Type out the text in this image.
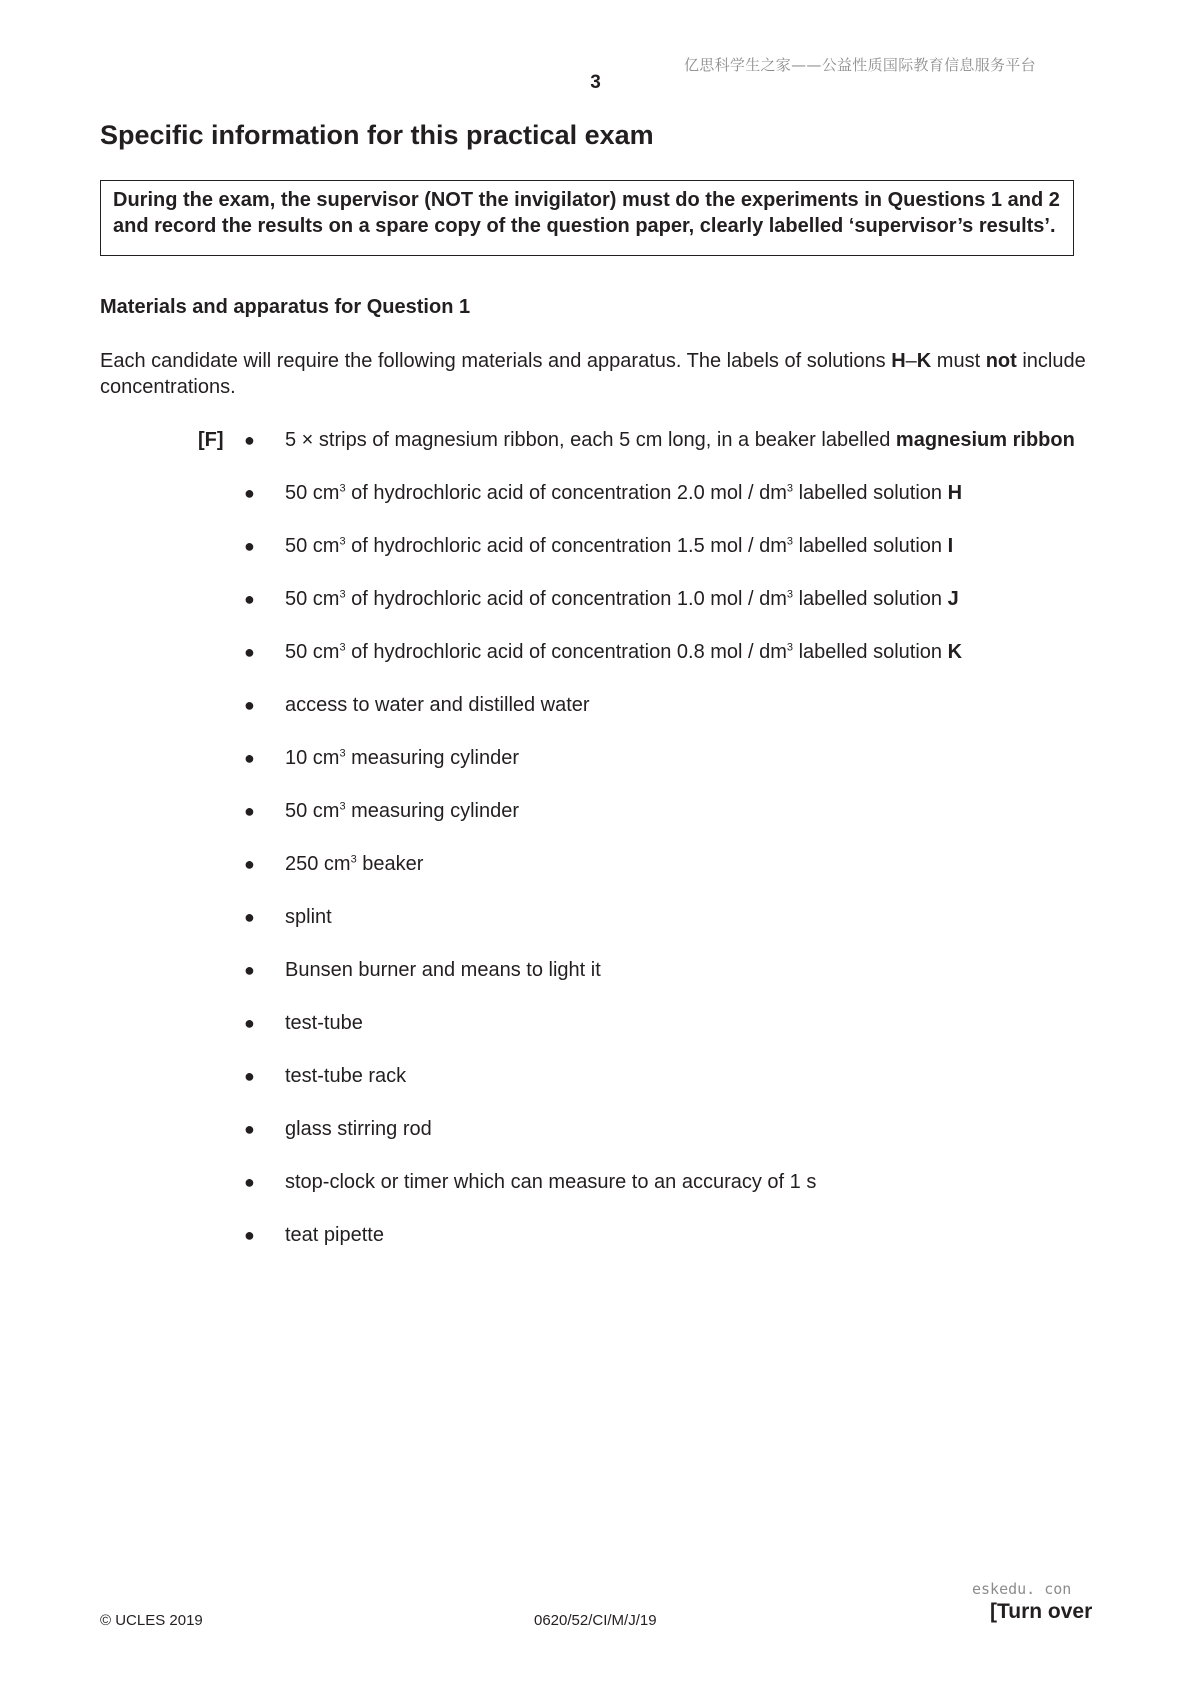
亿思科学生之家——公益性质国际教育信息服务平台
3
Specific information for this practical exam
During the exam, the supervisor (NOT the invigilator) must do the experiments in Questions 1 and 2 and record the results on a spare copy of the question paper, clearly labelled ‘supervisor’s results’.
Materials and apparatus for Question 1
Each candidate will require the following materials and apparatus. The labels of solutions H–K must not include concentrations.
[F] ● 5 × strips of magnesium ribbon, each 5 cm long, in a beaker labelled magnesium ribbon
● 50 $cm^3$ of hydrochloric acid of concentration 2.0 mol / $dm^3$ labelled solution H
● 50 $cm^3$ of hydrochloric acid of concentration 1.5 mol / $dm^3$ labelled solution I
● 50 $cm^3$ of hydrochloric acid of concentration 1.0 mol / $dm^3$ labelled solution J
● 50 $cm^3$ of hydrochloric acid of concentration 0.8 mol / $dm^3$ labelled solution K
● access to water and distilled water
● 10 $cm^3$ measuring cylinder
● 50 $cm^3$ measuring cylinder
● 250 $cm^3$ beaker
● splint
● Bunsen burner and means to light it
● test-tube
● test-tube rack
● glass stirring rod
● stop-clock or timer which can measure to an accuracy of 1 s
● teat pipette
eskedu. con
© UCLES 2019	0620/52/CI/M/J/19	[Turn over
